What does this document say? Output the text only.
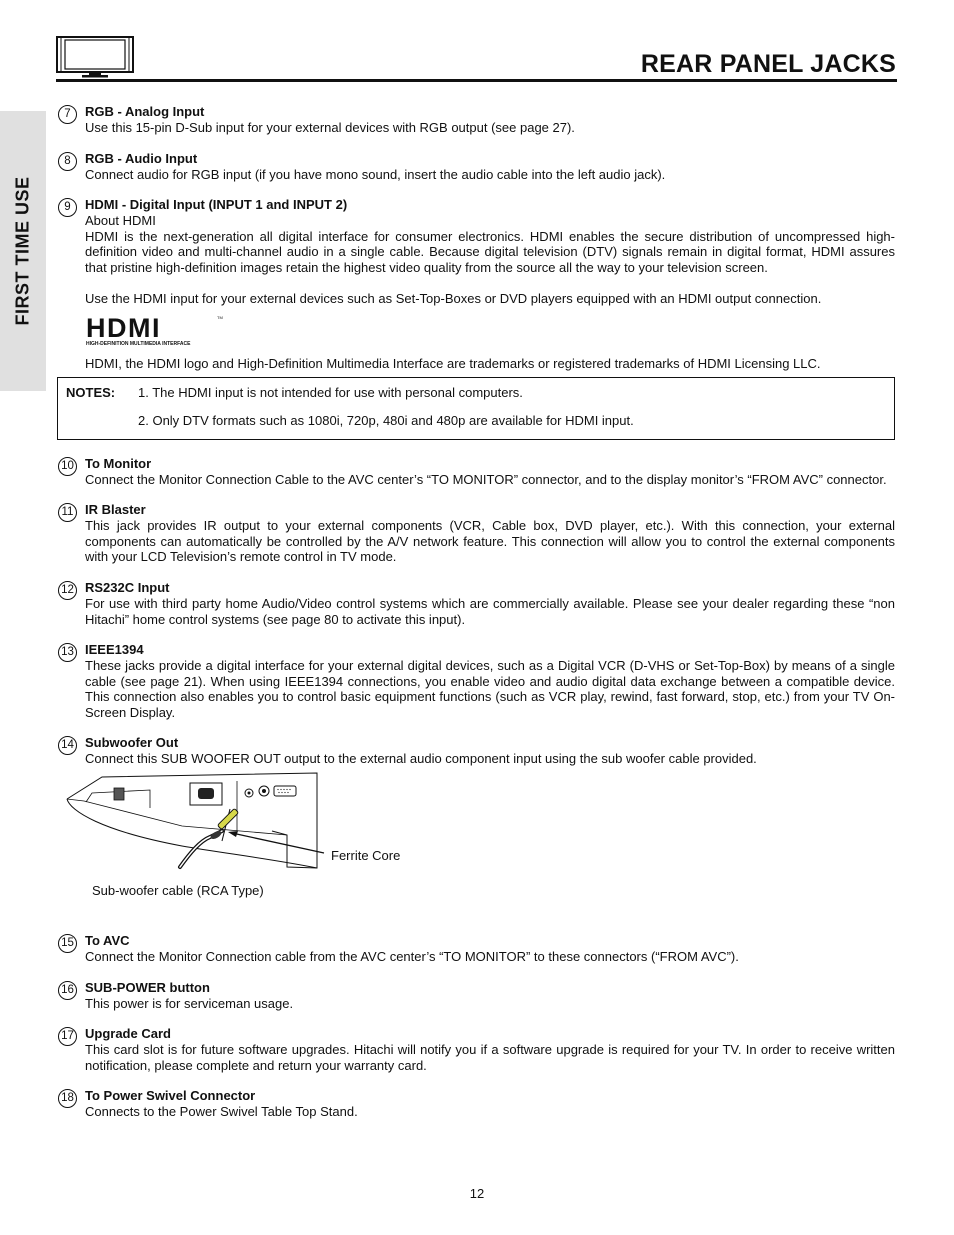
REAR PANEL JACKS
FIRST TIME USE
7	RGB - Analog Input
Use this 15-pin D-Sub input for your external devices with RGB output (see page 27).
8	RGB - Audio Input
Connect audio for RGB input (if you have mono sound, insert the audio cable into the left audio jack).
9	HDMI - Digital Input (INPUT 1 and INPUT 2)
About HDMI
HDMI is the next-generation all digital interface for consumer electronics. HDMI enables the secure distribution of uncompressed high-definition video and multi-channel audio in a single cable. Because digital television (DTV) signals remain in digital format, HDMI assures that pristine high-definition images retain the highest video quality from the source all the way to your television screen.
Use the HDMI input for your external devices such as Set-Top-Boxes or DVD players equipped with an HDMI output connection.
HDMI	TM
HIGH-DEFINITION MULTIMEDIA INTERFACE
HDMI, the HDMI logo and High-Definition Multimedia Interface are trademarks or registered trademarks of HDMI Licensing LLC.
NOTES:	1. The HDMI input is not intended for use with personal computers.
2. Only DTV formats such as 1080i, 720p, 480i and 480p are available for HDMI input.
10 To Monitor
Connect the Monitor Connection Cable to the AVC center’s “TO MONITOR” connector, and to the display monitor’s “FROM AVC” connector.
11 IR Blaster
This jack provides IR output to your external components (VCR, Cable box, DVD player, etc.). With this connection, your external components can automatically be controlled by the A/V network feature. This connection will allow you to control the external components with your LCD Television’s remote control in TV mode.
12 RS232C Input
For use with third party home Audio/Video control systems which are commercially available. Please see your dealer regarding these “non Hitachi” home control systems (see page 80 to activate this input).
13 IEEE1394
These jacks provide a digital interface for your external digital devices, such as a Digital VCR (D-VHS or Set-Top-Box) by means of a single cable (see page 21). When using IEEE1394 connections, you enable video and audio digital data exchange between a compatible device. This connection also enables you to control basic equipment functions (such as VCR play, rewind, fast forward, stop, etc.) from your TV On-Screen Display.
14 Subwoofer Out
Connect this SUB WOOFER OUT output to the external audio component input using the sub woofer cable provided.
Ferrite Core
Sub-woofer cable (RCA Type)
15 To AVC
Connect the Monitor Connection cable from the AVC center’s “TO MONITOR” to these connectors (“FROM AVC”).
16 SUB-POWER button
This power is for serviceman usage.
17 Upgrade Card
This card slot is for future software upgrades. Hitachi will notify you if a software upgrade is required for your TV. In order to receive written notification, please complete and return your warranty card.
18 To Power Swivel Connector
Connects to the Power Swivel Table Top Stand.
12
